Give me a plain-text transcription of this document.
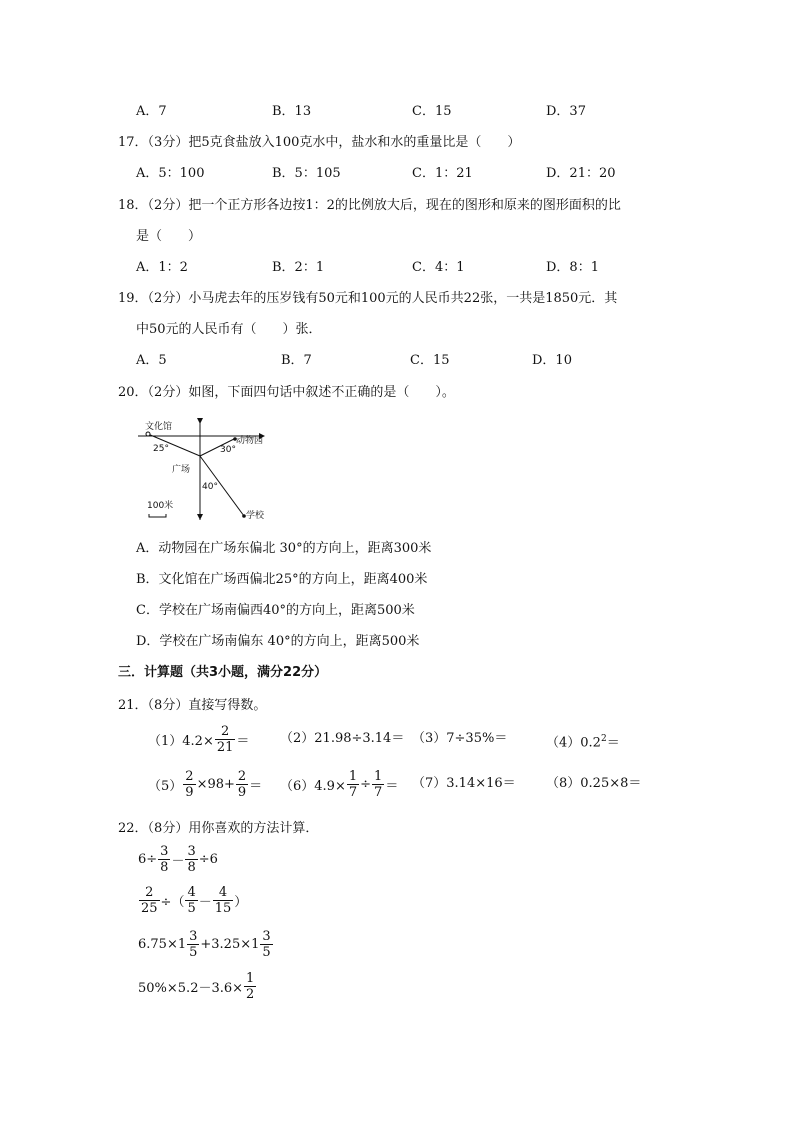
A．7	B．13	C．15	D．37
17．（3分）把5克食盐放入100克水中，盐水和水的重量比是（　　）
A．5：100	B．5：105	C．1：21	D．21：20
18．（2分）把一个正方形各边按1：2的比例放大后，现在的图形和原来的图形面积的比
是（　　）
A．1：2	B．2：1	C．4：1	D．8：1
19．（2分）小马虎去年的压岁钱有50元和100元的人民币共22张，一共是1850元．其
中50元的人民币有（　　）张．
A．5	B．7	C．15	D．10
20．（2分）如图，下面四句话中叙述不正确的是（　　）。
文化馆
动物园
25°	30°
广场
40°
100米
学校
A．动物园在广场东偏北 30°的方向上，距离300米
B．文化馆在广场西偏北25°的方向上，距离400米
C．学校在广场南偏西40°的方向上，距离500米
D．学校在广场南偏东 40°的方向上，距离500米
三．计算题（共3小题，满分22分）
21．（8分）直接写得数。
$(1)4.2\times \frac{2}{21} = (2)21.98\div 3.14= (3)7\div 35\%=$	$(4)0.2^2=$
$(5) \frac{2}{9} \times 98+ \frac{2}{9} = (6)4.9\times \frac{1}{7} \div \frac{1}{7} = (7)3.14\times 16= (8)0.25\times 8=$
22．（8分）用你喜欢的方法计算．
$6\div \frac{3}{8} - \frac{3}{8} \div 6$
$\frac{2}{25}$ ÷（ $\frac{4}{5} - \frac{4}{15}$ ）
$6.75\times 1 \frac{3}{5} +3.25\times 1 \frac{3}{5}$
$50\%\times 5.2-3.6\times \frac{1}{2}$
